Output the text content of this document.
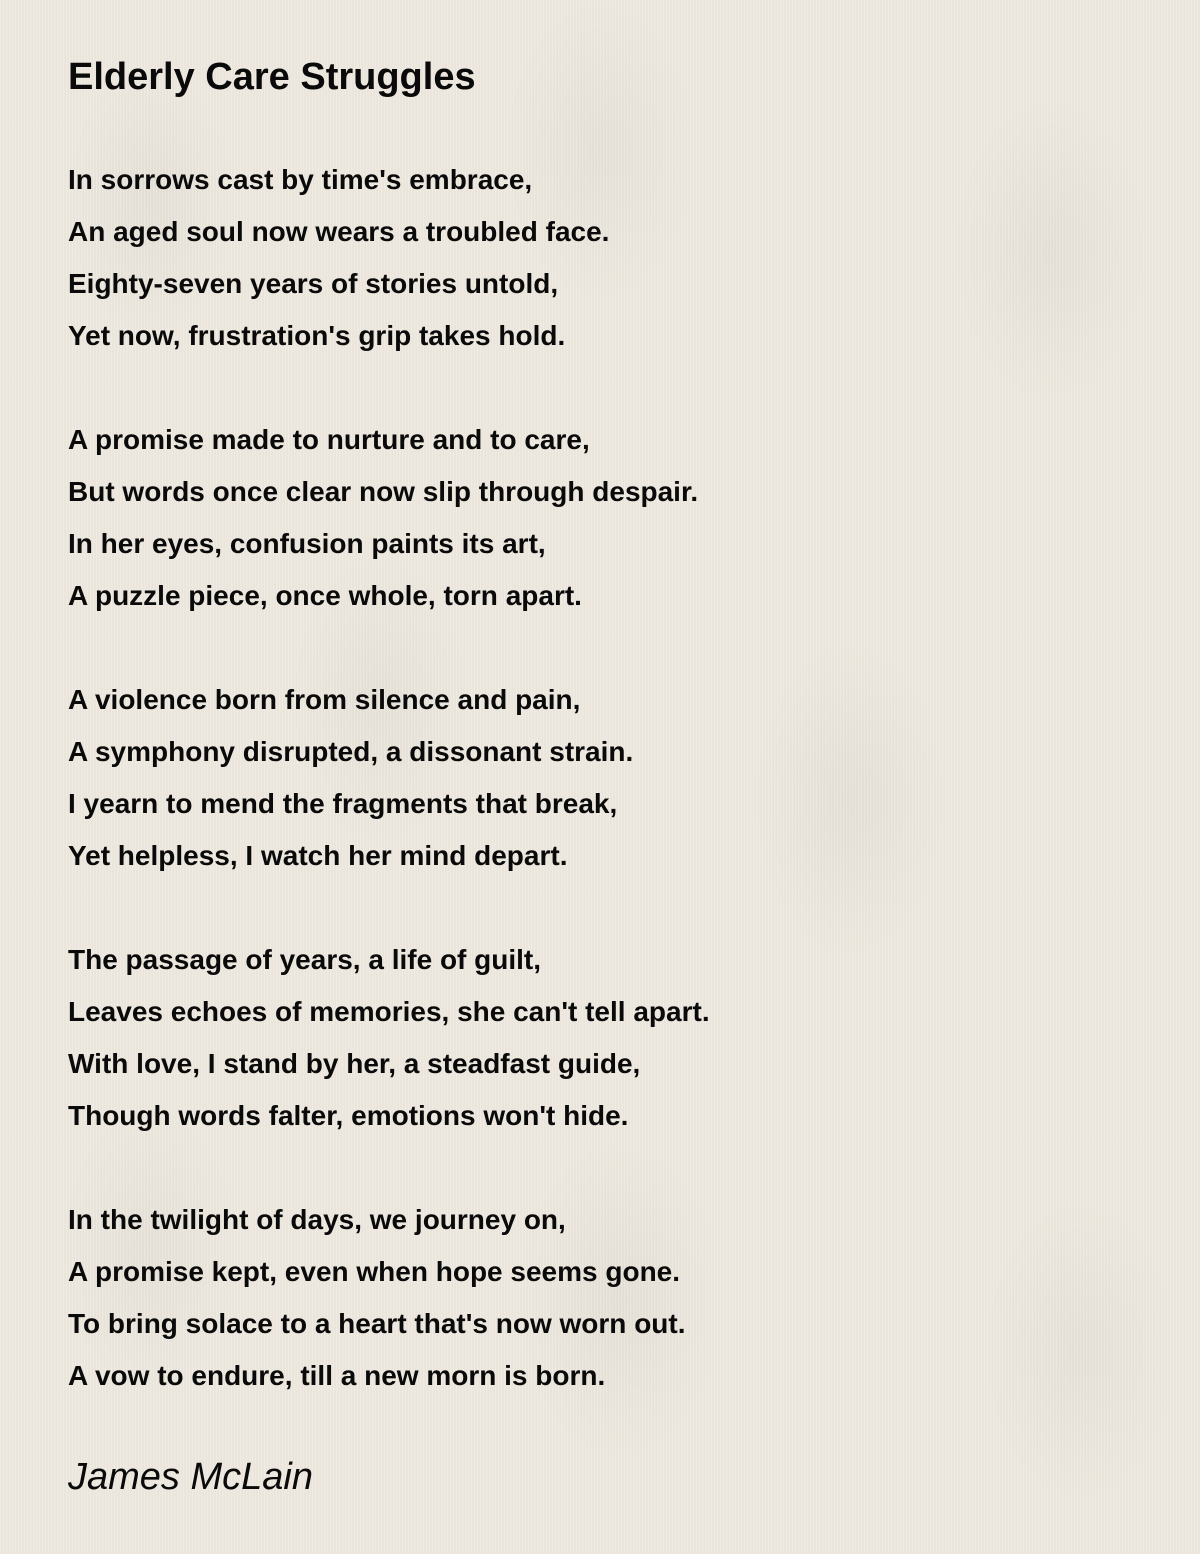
Elderly Care Struggles
In sorrows cast by time's embrace,
An aged soul now wears a troubled face.
Eighty-seven years of stories untold,
Yet now, frustration's grip takes hold.
A promise made to nurture and to care,
But words once clear now slip through despair.
In her eyes, confusion paints its art,
A puzzle piece, once whole, torn apart.
A violence born from silence and pain,
A symphony disrupted, a dissonant strain.
I yearn to mend the fragments that break,
Yet helpless, I watch her mind depart.
The passage of years, a life of guilt,
Leaves echoes of memories, she can't tell apart.
With love, I stand by her, a steadfast guide,
Though words falter, emotions won't hide.
In the twilight of days, we journey on,
A promise kept, even when hope seems gone.
To bring solace to a heart that's now worn out.
A vow to endure, till a new morn is born.
James McLain
